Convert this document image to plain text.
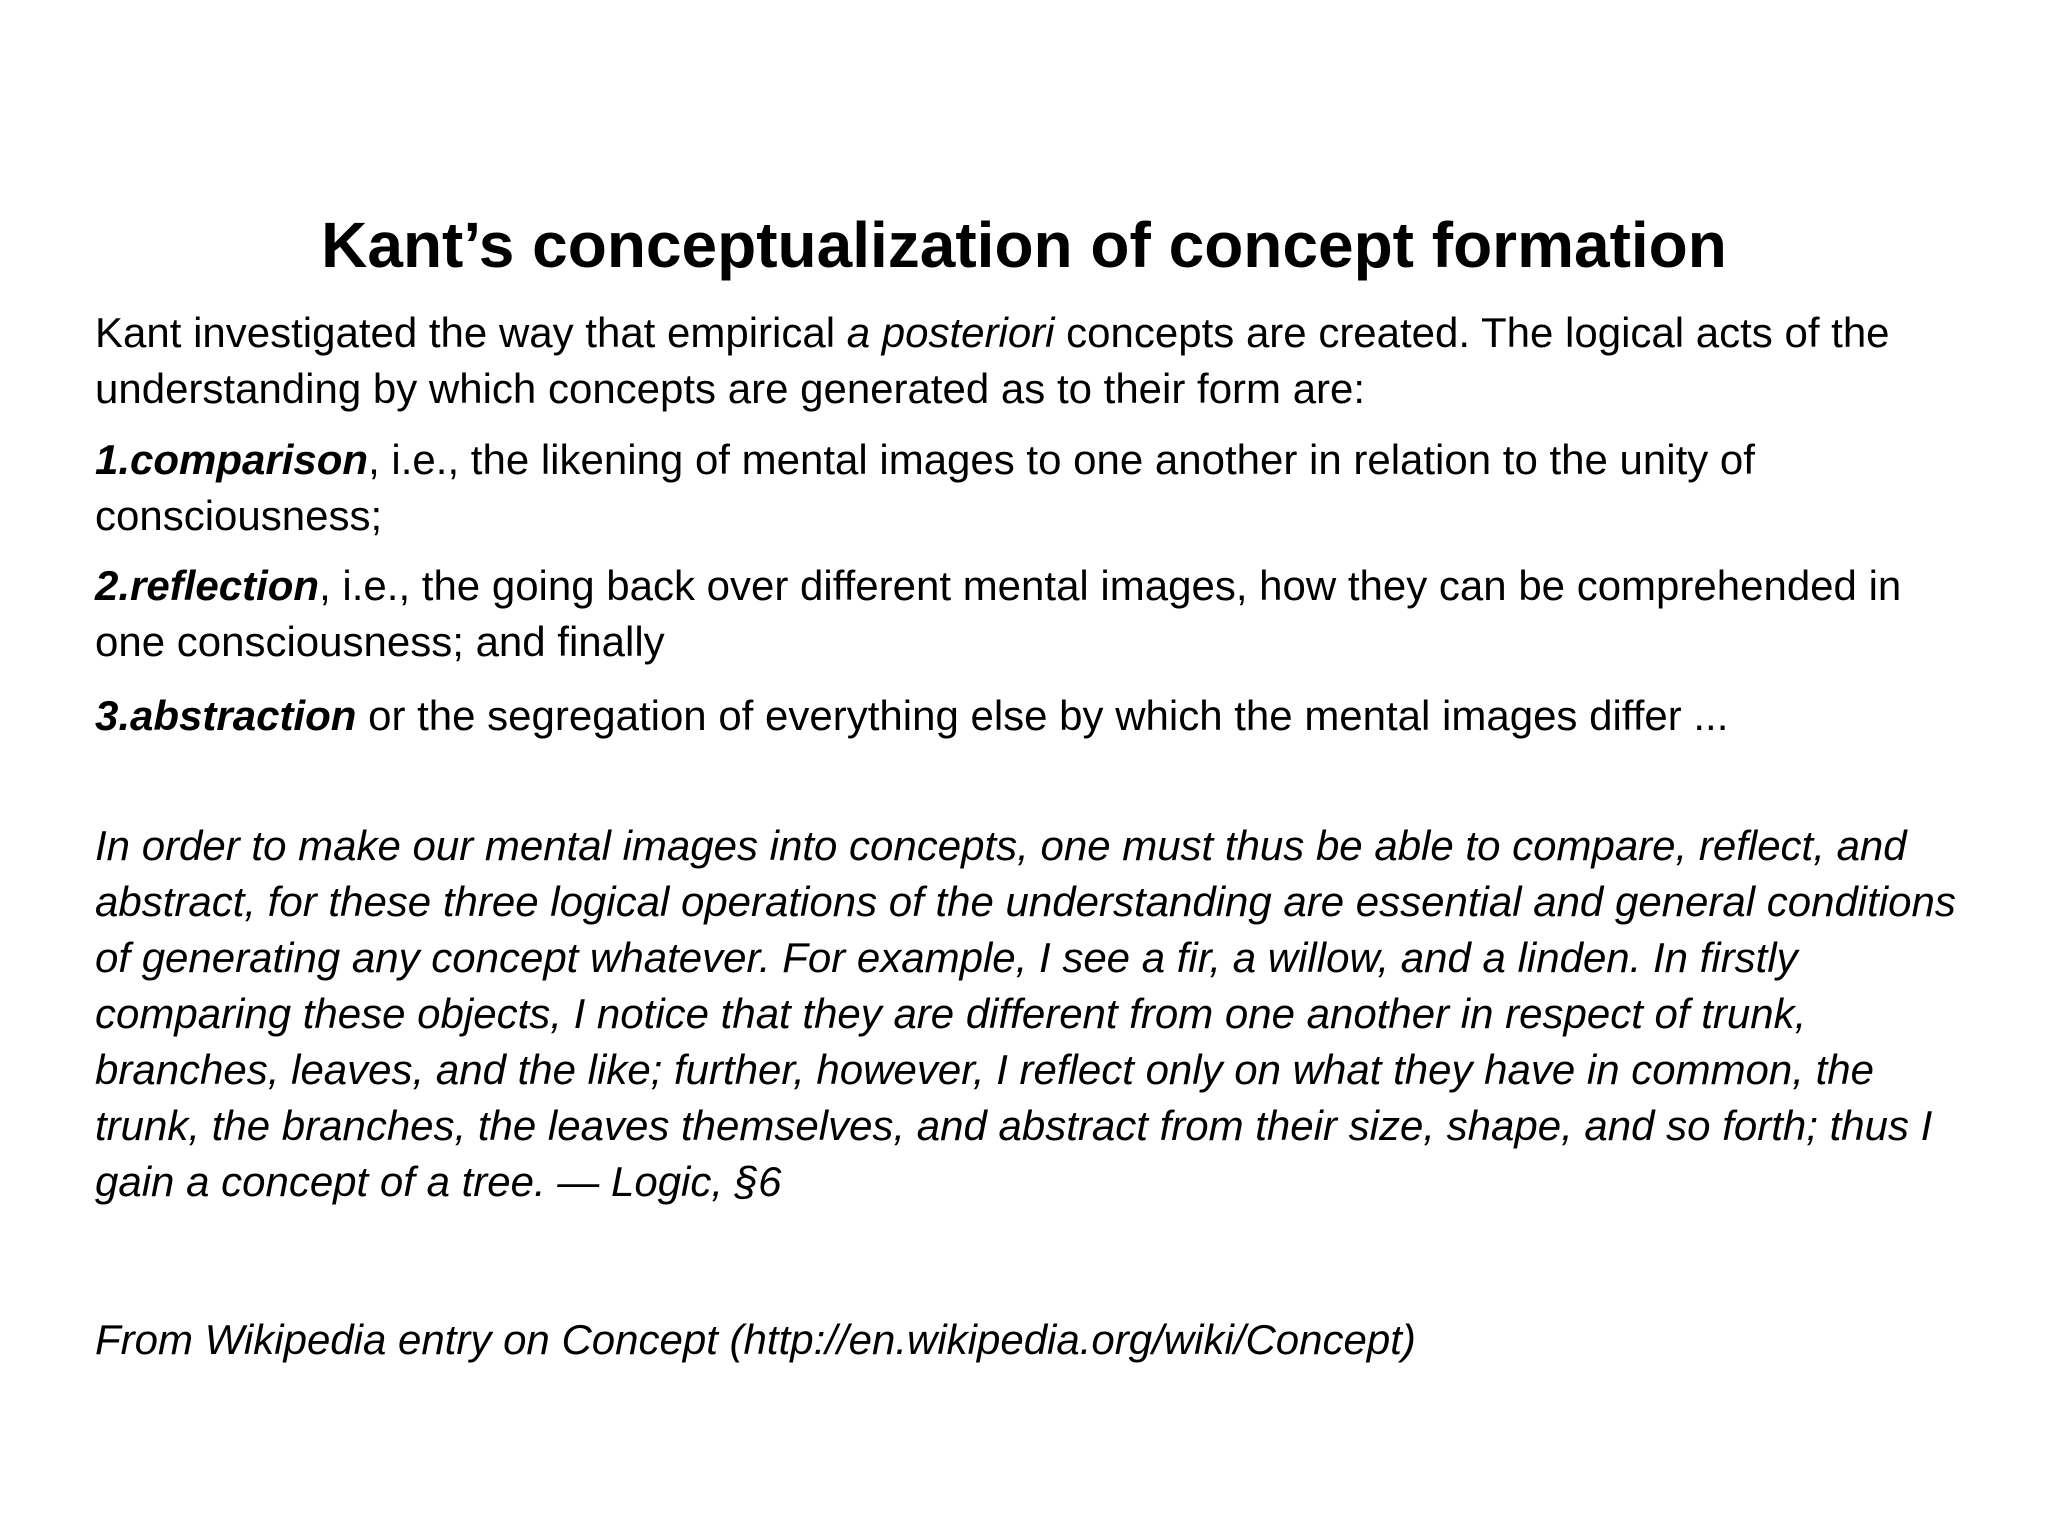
Kant’s conceptualization of concept formation

Kant investigated the way that empirical a posteriori concepts are created. The logical acts of the understanding by which concepts are generated as to their form are:

1.comparison, i.e., the likening of mental images to one another in relation to the unity of consciousness;

2.reflection, i.e., the going back over different mental images, how they can be comprehended in one consciousness; and finally

3.abstraction or the segregation of everything else by which the mental images differ ...

In order to make our mental images into concepts, one must thus be able to compare, reflect, and abstract, for these three logical operations of the understanding are essential and general conditions of generating any concept whatever. For example, I see a fir, a willow, and a linden. In firstly comparing these objects, I notice that they are different from one another in respect of trunk, branches, leaves, and the like; further, however, I reflect only on what they have in common, the trunk, the branches, the leaves themselves, and abstract from their size, shape, and so forth; thus I gain a concept of a tree. — Logic, §6

From Wikipedia entry on Concept (http://en.wikipedia.org/wiki/Concept)
